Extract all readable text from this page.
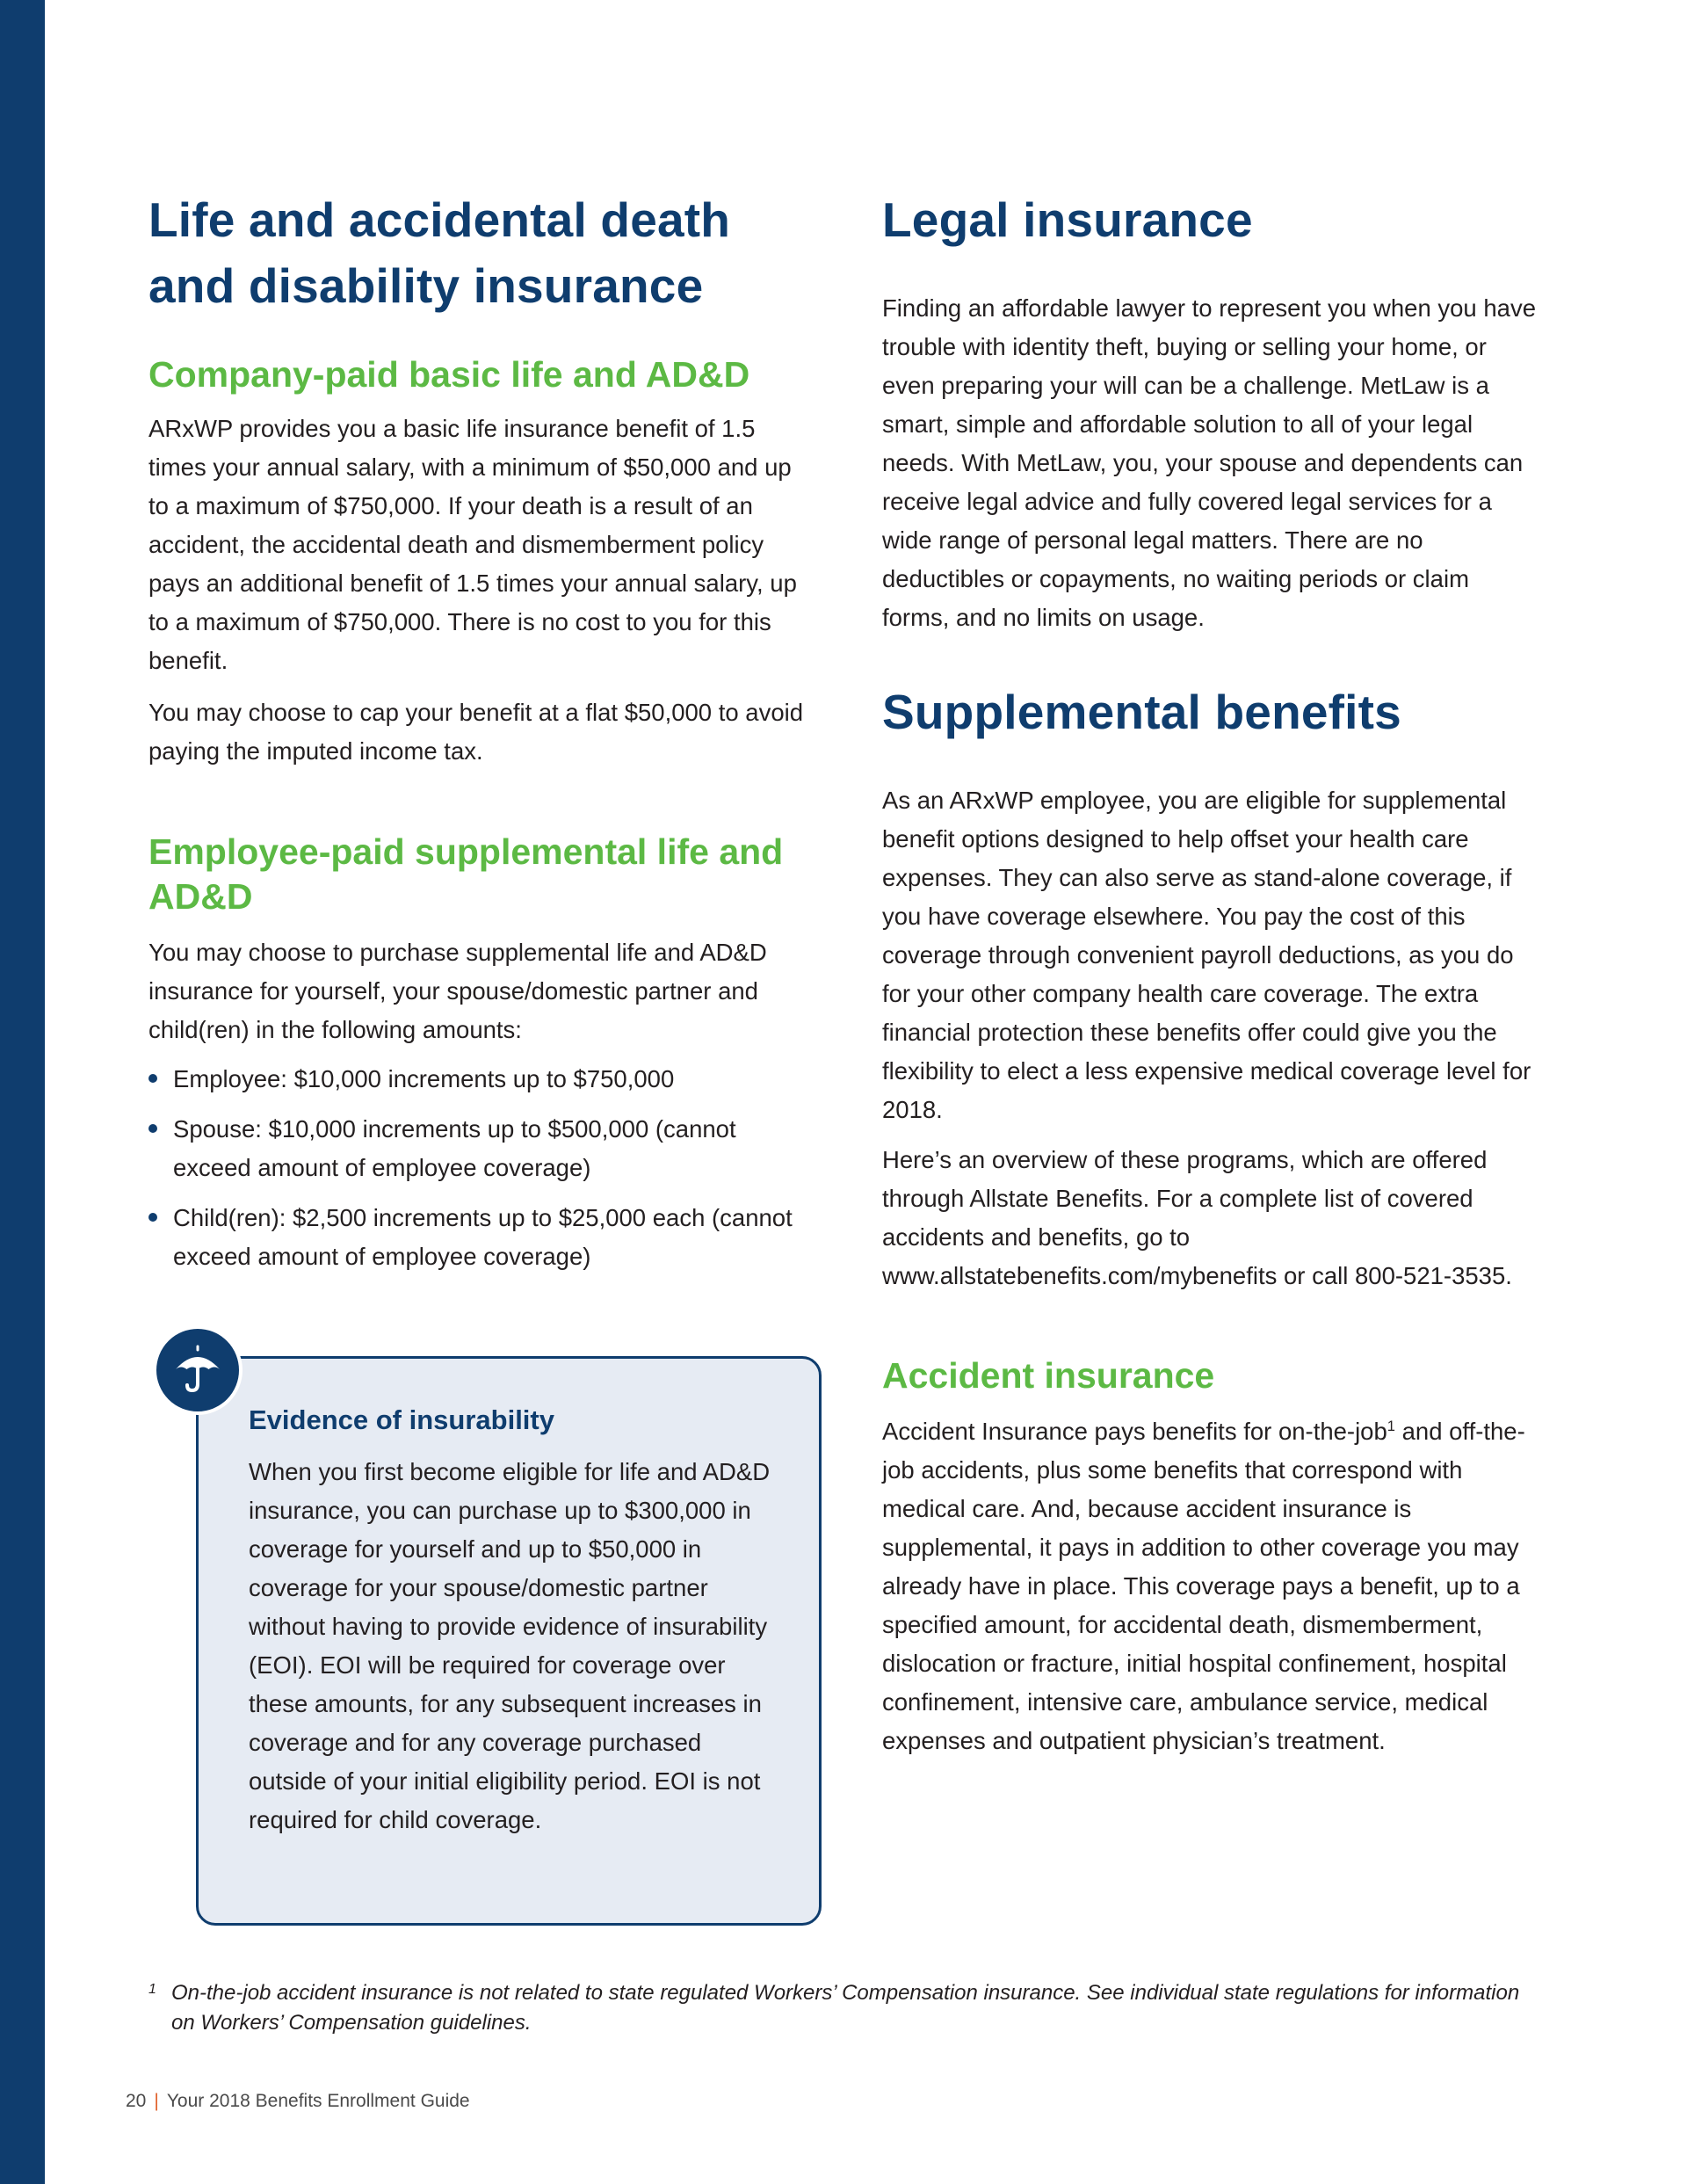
Life and accidental death and disability insurance
Company-paid basic life and AD&D

ARxWP provides you a basic life insurance benefit of 1.5 times your annual salary, with a minimum of $50,000 and up to a maximum of $750,000. If your death is a result of an accident, the accidental death and dismemberment policy pays an additional benefit of 1.5 times your annual salary, up to a maximum of $750,000. There is no cost to you for this benefit.

You may choose to cap your benefit at a flat $50,000 to avoid paying the imputed income tax.

Employee-paid supplemental life and AD&D

You may choose to purchase supplemental life and AD&D insurance for yourself, your spouse/domestic partner and child(ren) in the following amounts:

Employee: $10,000 increments up to $750,000
Spouse: $10,000 increments up to $500,000 (cannot exceed amount of employee coverage)
Child(ren): $2,500 increments up to $25,000 each (cannot exceed amount of employee coverage)
Evidence of insurability

When you first become eligible for life and AD&D insurance, you can purchase up to $300,000 in coverage for yourself and up to $50,000 in coverage for your spouse/domestic partner without having to provide evidence of insurability (EOI). EOI will be required for coverage over these amounts, for any subsequent increases in coverage and for any coverage purchased outside of your initial eligibility period. EOI is not required for child coverage.

Legal insurance

Finding an affordable lawyer to represent you when you have trouble with identity theft, buying or selling your home, or even preparing your will can be a challenge. MetLaw is a smart, simple and affordable solution to all of your legal needs. With MetLaw, you, your spouse and dependents can receive legal advice and fully covered legal services for a wide range of personal legal matters. There are no deductibles or copayments, no waiting periods or claim forms, and no limits on usage.

Supplemental benefits

As an ARxWP employee, you are eligible for supplemental benefit options designed to help offset your health care expenses. They can also serve as stand-alone coverage, if you have coverage elsewhere. You pay the cost of this coverage through convenient payroll deductions, as you do for your other company health care coverage. The extra financial protection these benefits offer could give you the flexibility to elect a less expensive medical coverage level for 2018.

Here’s an overview of these programs, which are offered through Allstate Benefits. For a complete list of covered accidents and benefits, go to www.allstatebenefits.com/mybenefits or call 800-521-3535.

Accident insurance

Accident Insurance pays benefits for on-the-job$^1$ and off-the-job accidents, plus some benefits that correspond with medical care. And, because accident insurance is supplemental, it pays in addition to other coverage you may already have in place. This coverage pays a benefit, up to a specified amount, for accidental death, dismemberment, dislocation or fracture, initial hospital confinement, hospital confinement, intensive care, ambulance service, medical expenses and outpatient physician’s treatment.

1 On-the-job accident insurance is not related to state regulated Workers’ Compensation insurance. See individual state regulations for information on Workers’ Compensation guidelines.
20 | Your 2018 Benefits Enrollment Guide
